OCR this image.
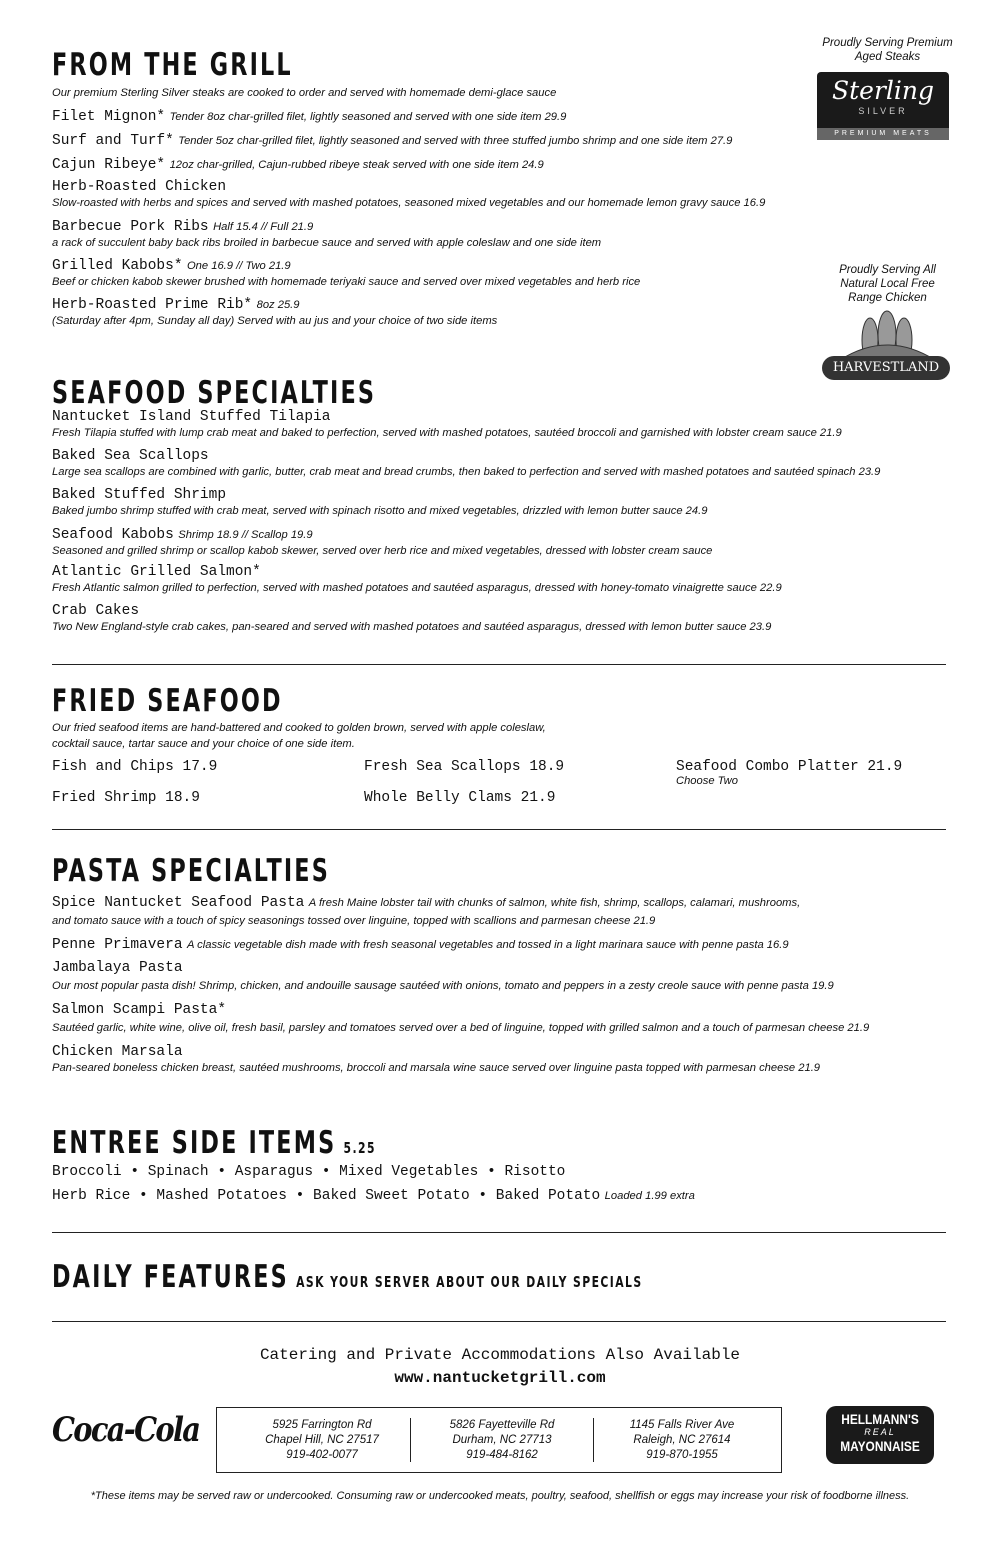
FROM THE GRILL
Our premium Sterling Silver steaks are cooked to order and served with homemade demi-glace sauce
Filet Mignon* Tender 8oz char-grilled filet, lightly seasoned and served with one side item 29.9
Surf and Turf* Tender 5oz char-grilled filet, lightly seasoned and served with three stuffed jumbo shrimp and one side item 27.9
Cajun Ribeye* 12oz char-grilled, Cajun-rubbed ribeye steak served with one side item 24.9
Herb-Roasted Chicken
Slow-roasted with herbs and spices and served with mashed potatoes, seasoned mixed vegetables and our homemade lemon gravy sauce 16.9
Barbecue Pork Ribs Half 15.4 // Full 21.9
a rack of succulent baby back ribs broiled in barbecue sauce and served with apple coleslaw and one side item
Grilled Kabobs* One 16.9 // Two 21.9
Beef or chicken kabob skewer brushed with homemade teriyaki sauce and served over mixed vegetables and herb rice
Herb-Roasted Prime Rib* 8oz 25.9
(Saturday after 4pm, Sunday all day) Served with au jus and your choice of two side items
Proudly Serving Premium
Aged Steaks
Sterling
SILVER
PREMIUM MEATS
Proudly Serving All
Natural Local Free
Range Chicken
HARVESTLAND
SEAFOOD SPECIALTIES
Nantucket Island Stuffed Tilapia
Fresh Tilapia stuffed with lump crab meat and baked to perfection, served with mashed potatoes, sautéed broccoli and garnished with lobster cream sauce 21.9
Baked Sea Scallops
Large sea scallops are combined with garlic, butter, crab meat and bread crumbs, then baked to perfection and served with mashed potatoes and sautéed spinach 23.9
Baked Stuffed Shrimp
Baked jumbo shrimp stuffed with crab meat, served with spinach risotto and mixed vegetables, drizzled with lemon butter sauce 24.9
Seafood Kabobs Shrimp 18.9 // Scallop 19.9
Seasoned and grilled shrimp or scallop kabob skewer, served over herb rice and mixed vegetables, dressed with lobster cream sauce
Atlantic Grilled Salmon*
Fresh Atlantic salmon grilled to perfection, served with mashed potatoes and sautéed asparagus, dressed with honey-tomato vinaigrette sauce 22.9
Crab Cakes
Two New England-style crab cakes, pan-seared and served with mashed potatoes and sautéed asparagus, dressed with lemon butter sauce 23.9
FRIED SEAFOOD
Our fried seafood items are hand-battered and cooked to golden brown, served with apple coleslaw,
cocktail sauce, tartar sauce and your choice of one side item.
Fish and Chips 17.9
Fried Shrimp 18.9
Fresh Sea Scallops 18.9
Whole Belly Clams 21.9
Seafood Combo Platter 21.9
Choose Two
PASTA SPECIALTIES
Spice Nantucket Seafood Pasta A fresh Maine lobster tail with chunks of salmon, white fish, shrimp, scallops, calamari, mushrooms,
and tomato sauce with a touch of spicy seasonings tossed over linguine, topped with scallions and parmesan cheese 21.9
Penne Primavera A classic vegetable dish made with fresh seasonal vegetables and tossed in a light marinara sauce with penne pasta 16.9
Jambalaya Pasta
Our most popular pasta dish! Shrimp, chicken, and andouille sausage sautéed with onions, tomato and peppers in a zesty creole sauce with penne pasta 19.9
Salmon Scampi Pasta*
Sautéed garlic, white wine, olive oil, fresh basil, parsley and tomatoes served over a bed of linguine, topped with grilled salmon and a touch of parmesan cheese 21.9
Chicken Marsala
Pan-seared boneless chicken breast, sautéed mushrooms, broccoli and marsala wine sauce served over linguine pasta topped with parmesan cheese 21.9
ENTREE SIDE ITEMS 5.25
Broccoli • Spinach • Asparagus • Mixed Vegetables • Risotto
Herb Rice • Mashed Potatoes • Baked Sweet Potato • Baked Potato Loaded 1.99 extra
DAILY FEATURES ASK YOUR SERVER ABOUT OUR DAILY SPECIALS
Catering and Private Accommodations Also Available
www.nantucketgrill.com
Coca-Cola	5925 Farrington Rd
Chapel Hill, NC 27517
919-402-0077
5826 Fayetteville Rd
Durham, NC 27713
919-484-8162
1145 Falls River Ave
Raleigh, NC 27614
919-870-1955
HELLMANN'S
REAL
MAYONNAISE
*These items may be served raw or undercooked. Consuming raw or undercooked meats, poultry, seafood, shellfish or eggs may increase your risk of foodborne illness.
